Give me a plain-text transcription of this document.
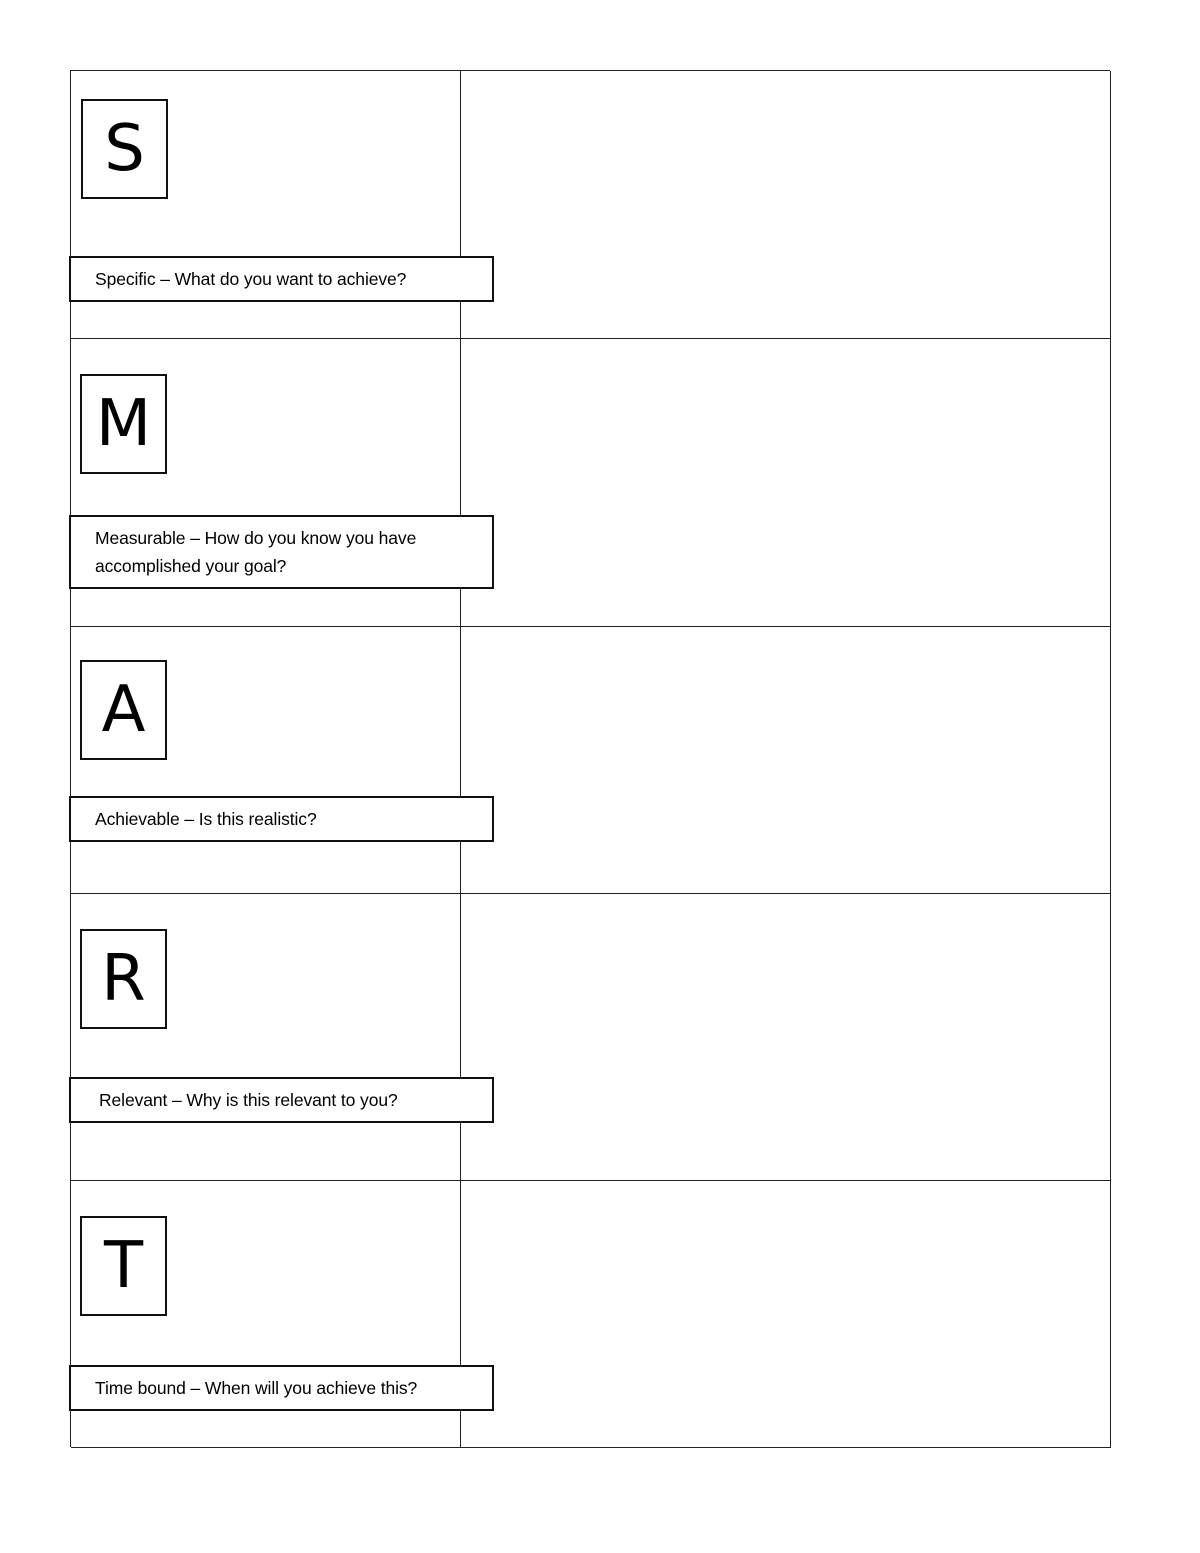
S
Specific – What do you want to achieve?
M
Measurable – How do you know you have accomplished your goal?
A
Achievable – Is this realistic?
R
Relevant – Why is this relevant to you?
T
Time bound – When will you achieve this?
